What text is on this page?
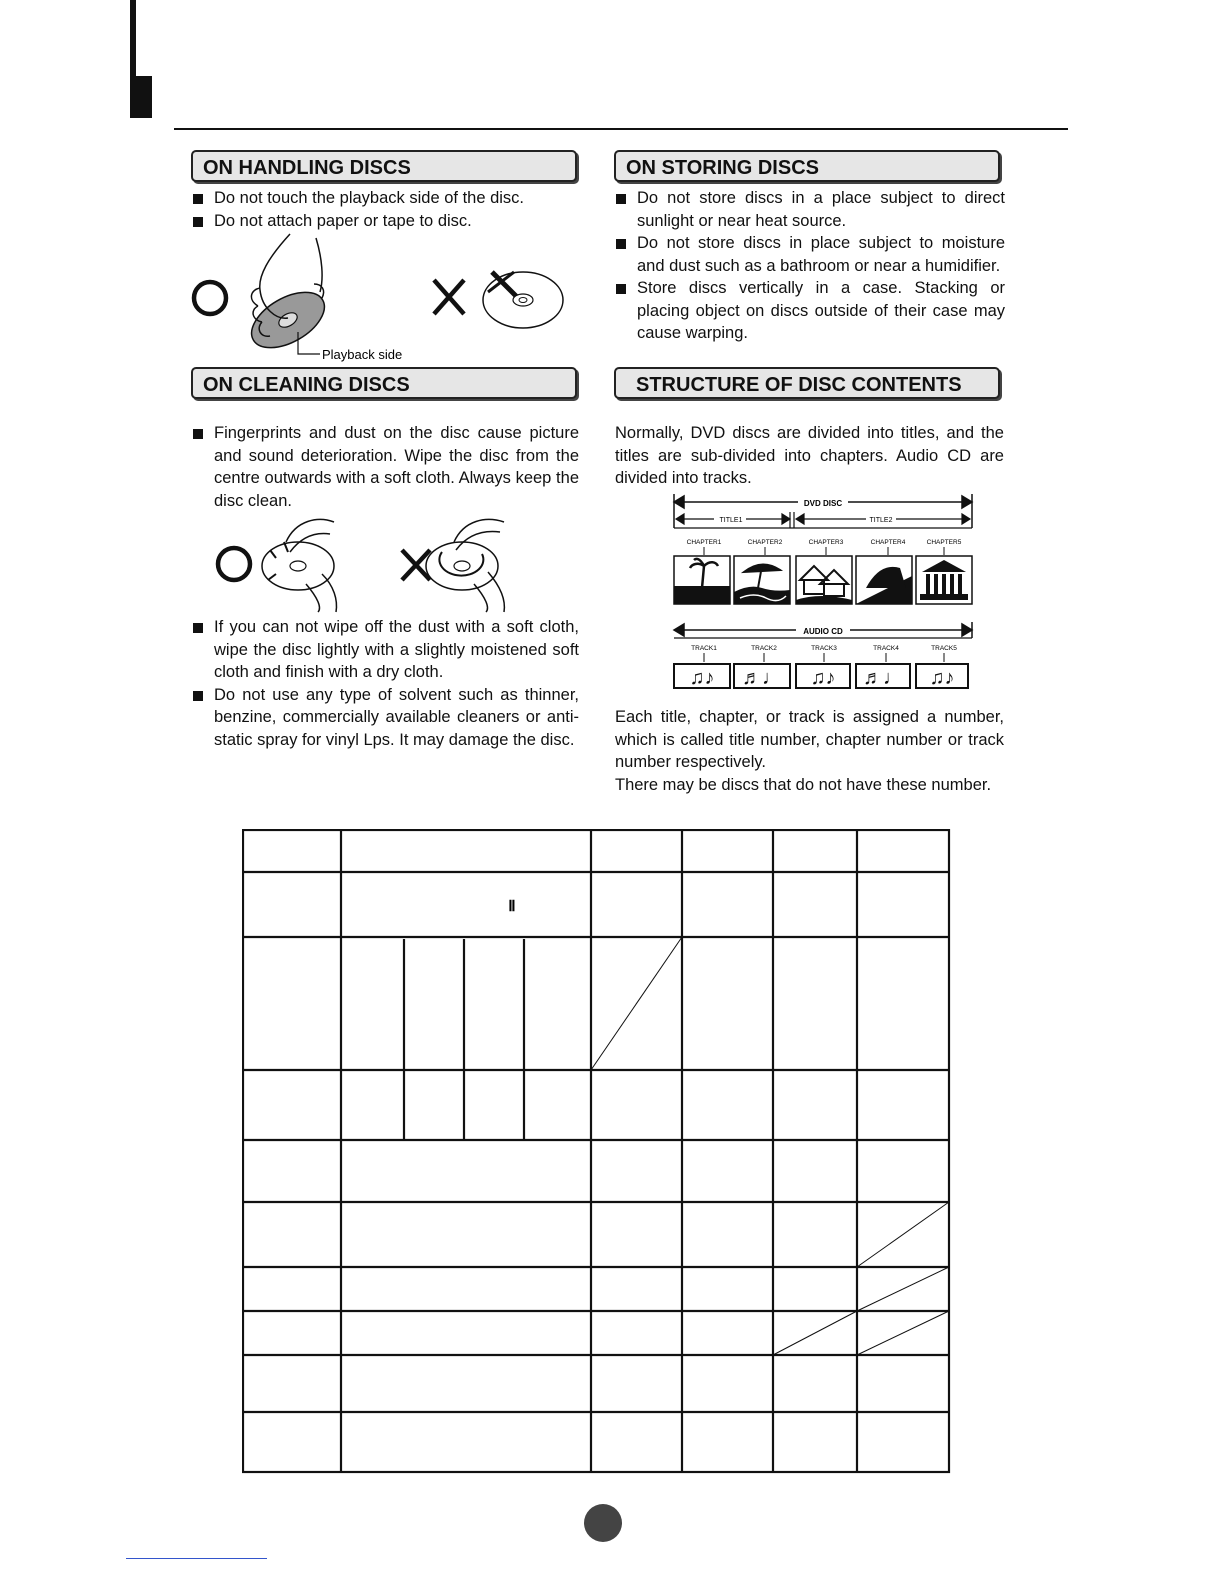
ON HANDLING DISCS
Do not touch the playback side of the disc.
Do not attach paper or tape to disc.
Playback side
ON STORING DISCS
Do not store discs in a place subject to direct sunlight or near heat source.
Do not store discs in place subject to moisture and dust such as a bathroom or near a humidifier.
Store discs vertically in a case. Stacking or placing object on discs outside of their case may cause warping.
ON CLEANING DISCS
Fingerprints and dust on the disc cause picture and sound deterioration. Wipe the disc from the centre outwards with a soft cloth. Always keep the disc clean.
If you can not wipe off the dust with a soft cloth, wipe the disc lightly with a slightly moistened soft cloth and finish with a dry cloth.
Do not use any type of solvent such as thinner, benzine, commercially available cleaners or anti-static spray for vinyl Lps. It may damage the disc.
STRUCTURE OF DISC CONTENTS
Normally, DVD discs are divided into titles, and the titles are sub-divided into chapters. Audio CD are divided into tracks.
DVD DISC
TITLE1	TITLE2
CHAPTER1	CHAPTER2	CHAPTER3	CHAPTER4	CHAPTER5
AUDIO CD
TRACK1	TRACK2	TRACK3	TRACK4	TRACK5
♫♪ ♬♩ ♫♪ ♬♩ ♫♪
Each title, chapter, or track is assigned a number, which is called title number, chapter number or track number respectively.
There may be discs that do not have these number.
Ⅱ
